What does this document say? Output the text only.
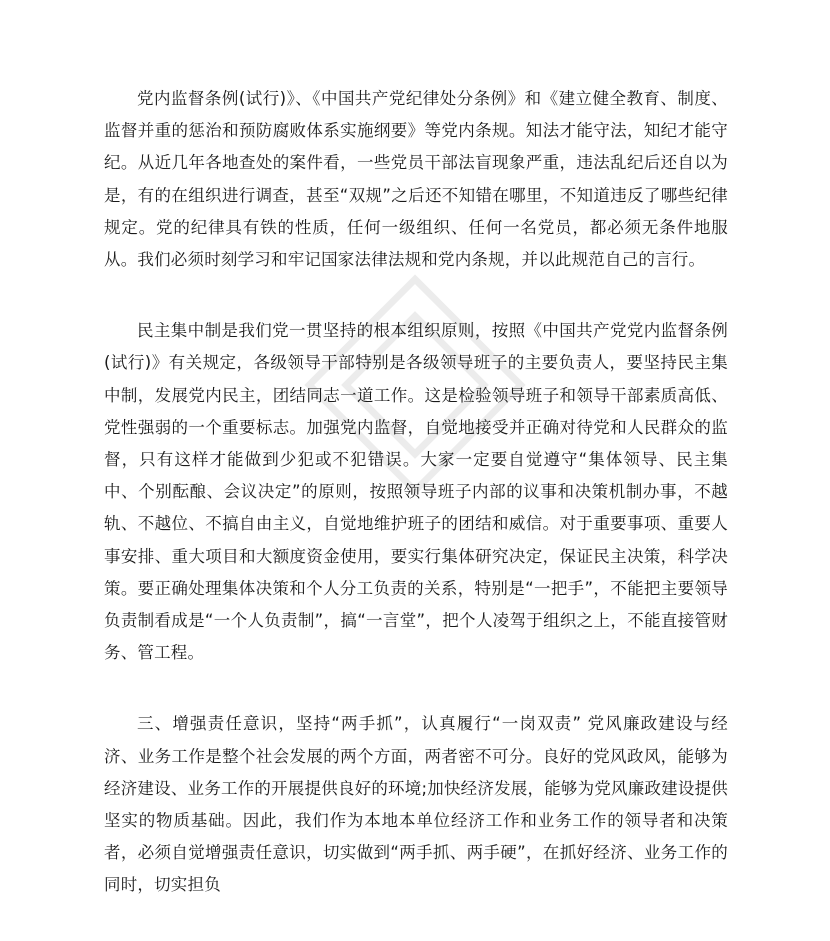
党内监督条例(试行)》、《中国共产党纪律处分条例》和《建立健全教育、制度、监督并重的惩治和预防腐败体系实施纲要》等党内条规。知法才能守法，知纪才能守纪。从近几年各地查处的案件看，一些党员干部法盲现象严重，违法乱纪后还自以为是，有的在组织进行调查，甚至“双规”之后还不知错在哪里，不知道违反了哪些纪律规定。党的纪律具有铁的性质，任何一级组织、任何一名党员，都必须无条件地服从。我们必须时刻学习和牢记国家法律法规和党内条规，并以此规范自己的言行。

民主集中制是我们党一贯坚持的根本组织原则，按照《中国共产党党内监督条例(试行)》有关规定，各级领导干部特别是各级领导班子的主要负责人，要坚持民主集中制，发展党内民主，团结同志一道工作。这是检验领导班子和领导干部素质高低、党性强弱的一个重要标志。加强党内监督，自觉地接受并正确对待党和人民群众的监督，只有这样才能做到少犯或不犯错误。大家一定要自觉遵守“集体领导、民主集中、个别酝酿、会议决定”的原则，按照领导班子内部的议事和决策机制办事，不越轨、不越位、不搞自由主义，自觉地维护班子的团结和威信。对于重要事项、重要人事安排、重大项目和大额度资金使用，要实行集体研究决定，保证民主决策，科学决策。要正确处理集体决策和个人分工负责的关系，特别是“一把手”，不能把主要领导负责制看成是“一个人负责制”，搞“一言堂”，把个人凌驾于组织之上，不能直接管财务、管工程。

三、增强责任意识，坚持“两手抓”，认真履行“一岗双责” 党风廉政建设与经济、业务工作是整个社会发展的两个方面，两者密不可分。良好的党风政风，能够为经济建设、业务工作的开展提供良好的环境;加快经济发展，能够为党风廉政建设提供坚实的物质基础。因此，我们作为本地本单位经济工作和业务工作的领导者和决策者，必须自觉增强责任意识，切实做到“两手抓、两手硬”，在抓好经济、业务工作的同时，切实担负
